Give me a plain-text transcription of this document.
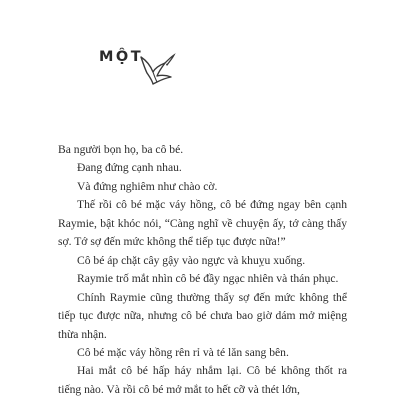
MỘT

Ba người bọn họ, ba cô bé.

Đang đứng cạnh nhau.

Và đứng nghiêm như chào cờ.

Thế rồi cô bé mặc váy hồng, cô bé đứng ngay bên cạnh Raymie, bật khóc nói, “Càng nghĩ về chuyện ấy, tớ càng thấy sợ. Tớ sợ đến mức không thể tiếp tục được nữa!”

Cô bé áp chặt cây gậy vào ngực và khuỵu xuống.

Raymie trố mắt nhìn cô bé đầy ngạc nhiên và thán phục.

Chính Raymie cũng thường thấy sợ đến mức không thể tiếp tục được nữa, nhưng cô bé chưa bao giờ dám mở miệng thừa nhận.

Cô bé mặc váy hồng rên rỉ và té lăn sang bên.

Hai mắt cô bé hấp háy nhắm lại. Cô bé không thốt ra tiếng nào. Và rồi cô bé mở mắt to hết cỡ và thét lớn,
